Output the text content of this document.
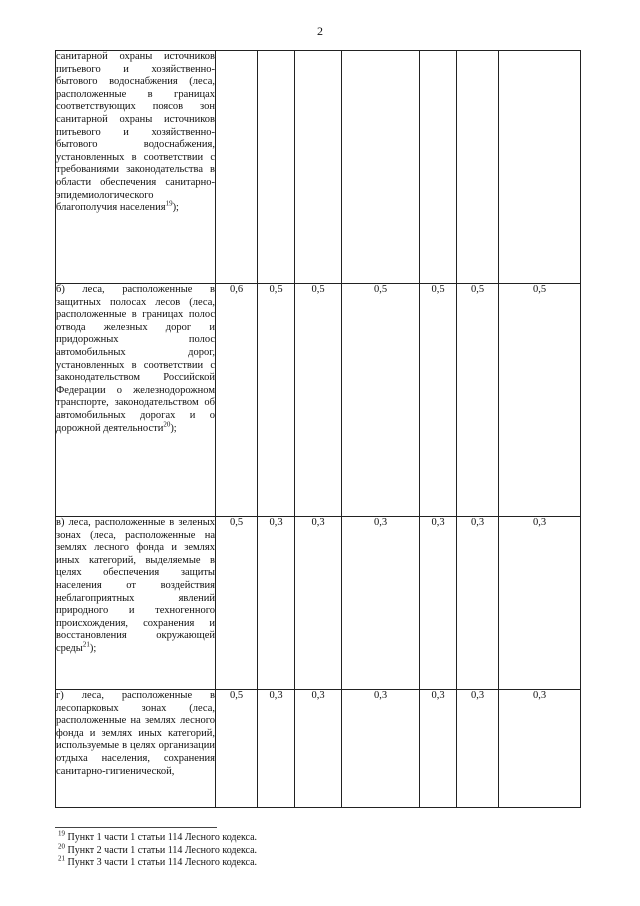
2
санитарной охраны источников питьевого и хозяйственно-бытового водоснабжения (леса, расположенные в границах соответствующих поясов зон санитарной охраны источников питьевого и хозяйственно-бытового водоснабжения, установленных в соответствии с требованиями законодательства в области обеспечения санитарно-эпидемиологического благополучия населения$^{19}$);							
б) леса, расположенные в защитных полосах лесов (леса, расположенные в границах полос отвода железных дорог и придорожных полос автомобильных дорог, установленных в соответствии с законодательством Российской Федерации о железнодорожном транспорте, законодательством об автомобильных дорогах и о дорожной деятельности$^{20}$);	0,6	0,5	0,5	0,5	0,5	0,5	0,5
в) леса, расположенные в зеленых зонах (леса, расположенные на землях лесного фонда и землях иных категорий, выделяемые в целях обеспечения защиты населения от воздействия неблагоприятных явлений природного и техногенного происхождения, сохранения и восстановления окружающей среды$^{21}$);	0,5	0,3	0,3	0,3	0,3	0,3	0,3
г) леса, расположенные в лесопарковых зонах (леса, расположенные на землях лесного фонда и землях иных категорий, используемые в целях организации отдыха населения, сохранения санитарно-гигиенической,	0,5	0,3	0,3	0,3	0,3	0,3	0,3
$^{19}$ Пункт 1 части 1 статьи 114 Лесного кодекса.
$^{20}$ Пункт 2 части 1 статьи 114 Лесного кодекса.
$^{21}$ Пункт 3 части 1 статьи 114 Лесного кодекса.
